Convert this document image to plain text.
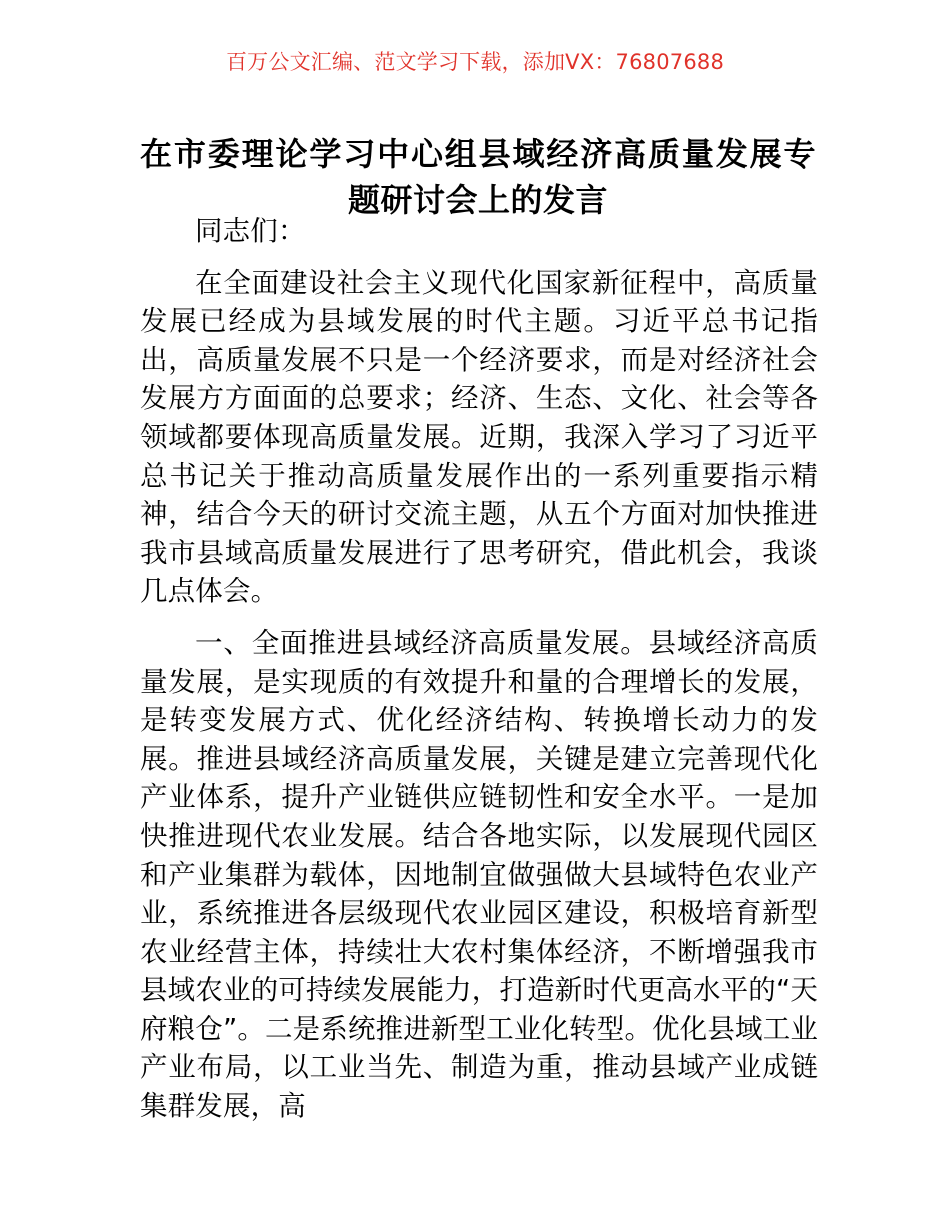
百万公文汇编、范文学习下载，添加VX：76807688
在市委理论学习中心组县域经济高质量发展专题研讨会上的发言

同志们：

在全面建设社会主义现代化国家新征程中，高质量发展已经成为县域发展的时代主题。习近平总书记指出，高质量发展不只是一个经济要求，而是对经济社会发展方方面面的总要求；经济、生态、文化、社会等各领域都要体现高质量发展。近期，我深入学习了习近平总书记关于推动高质量发展作出的一系列重要指示精神，结合今天的研讨交流主题，从五个方面对加快推进我市县域高质量发展进行了思考研究，借此机会，我谈几点体会。

一、全面推进县域经济高质量发展。县域经济高质量发展，是实现质的有效提升和量的合理增长的发展，是转变发展方式、优化经济结构、转换增长动力的发展。推进县域经济高质量发展，关键是建立完善现代化产业体系，提升产业链供应链韧性和安全水平。一是加快推进现代农业发展。结合各地实际，以发展现代园区和产业集群为载体，因地制宜做强做大县域特色农业产业，系统推进各层级现代农业园区建设，积极培育新型农业经营主体，持续壮大农村集体经济，不断增强我市县域农业的可持续发展能力，打造新时代更高水平的“天府粮仓”。二是系统推进新型工业化转型。优化县域工业产业布局，以工业当先、制造为重，推动县域产业成链集群发展，高
